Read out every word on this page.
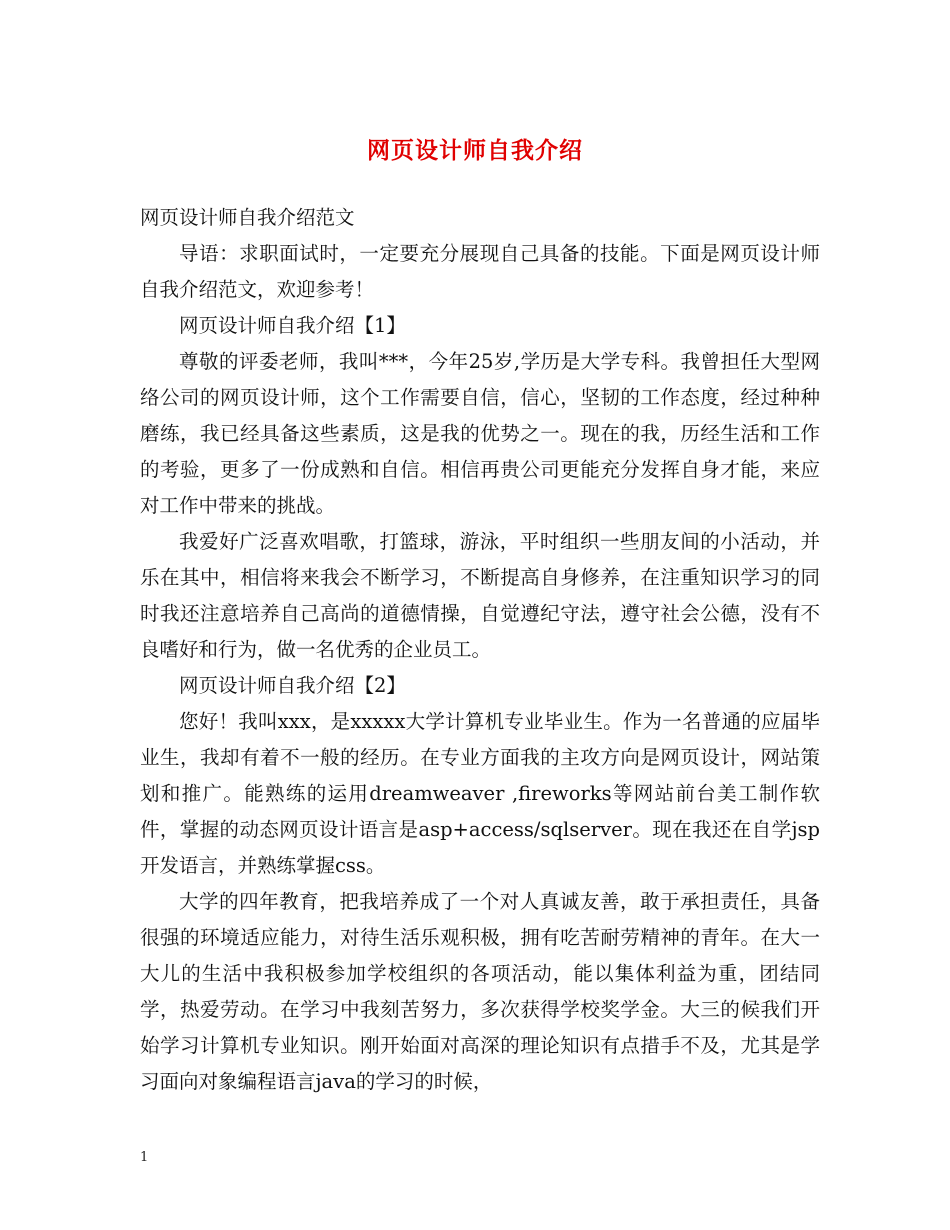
网页设计师自我介绍

网页设计师自我介绍范文

导语：求职面试时，一定要充分展现自己具备的技能。下面是网页设计师自我介绍范文，欢迎参考！

网页设计师自我介绍【1】

尊敬的评委老师，我叫***，今年25岁,学历是大学专科。我曾担任大型网络公司的网页设计师，这个工作需要自信，信心，坚韧的工作态度，经过种种磨练，我已经具备这些素质，这是我的优势之一。现在的我，历经生活和工作的考验，更多了一份成熟和自信。相信再贵公司更能充分发挥自身才能，来应对工作中带来的挑战。

我爱好广泛喜欢唱歌，打篮球，游泳，平时组织一些朋友间的小活动，并乐在其中，相信将来我会不断学习，不断提高自身修养，在注重知识学习的同时我还注意培养自己高尚的道德情操，自觉遵纪守法，遵守社会公德，没有不良嗜好和行为，做一名优秀的企业员工。

网页设计师自我介绍【2】

您好！我叫xxx，是xxxxx大学计算机专业毕业生。作为一名普通的应届毕业生，我却有着不一般的经历。在专业方面我的主攻方向是网页设计，网站策划和推广。能熟练的运用dreamweaver ,fireworks等网站前台美工制作软件，掌握的动态网页设计语言是asp+access/sqlserver。现在我还在自学jsp开发语言，并熟练掌握css。

大学的四年教育，把我培养成了一个对人真诚友善，敢于承担责任，具备很强的环境适应能力，对待生活乐观积极，拥有吃苦耐劳精神的青年。在大一大儿的生活中我积极参加学校组织的各项活动，能以集体利益为重，团结同学，热爱劳动。在学习中我刻苦努力，多次获得学校奖学金。大三的候我们开始学习计算机专业知识。刚开始面对高深的理论知识有点措手不及，尤其是学习面向对象编程语言java的学习的时候，

1
